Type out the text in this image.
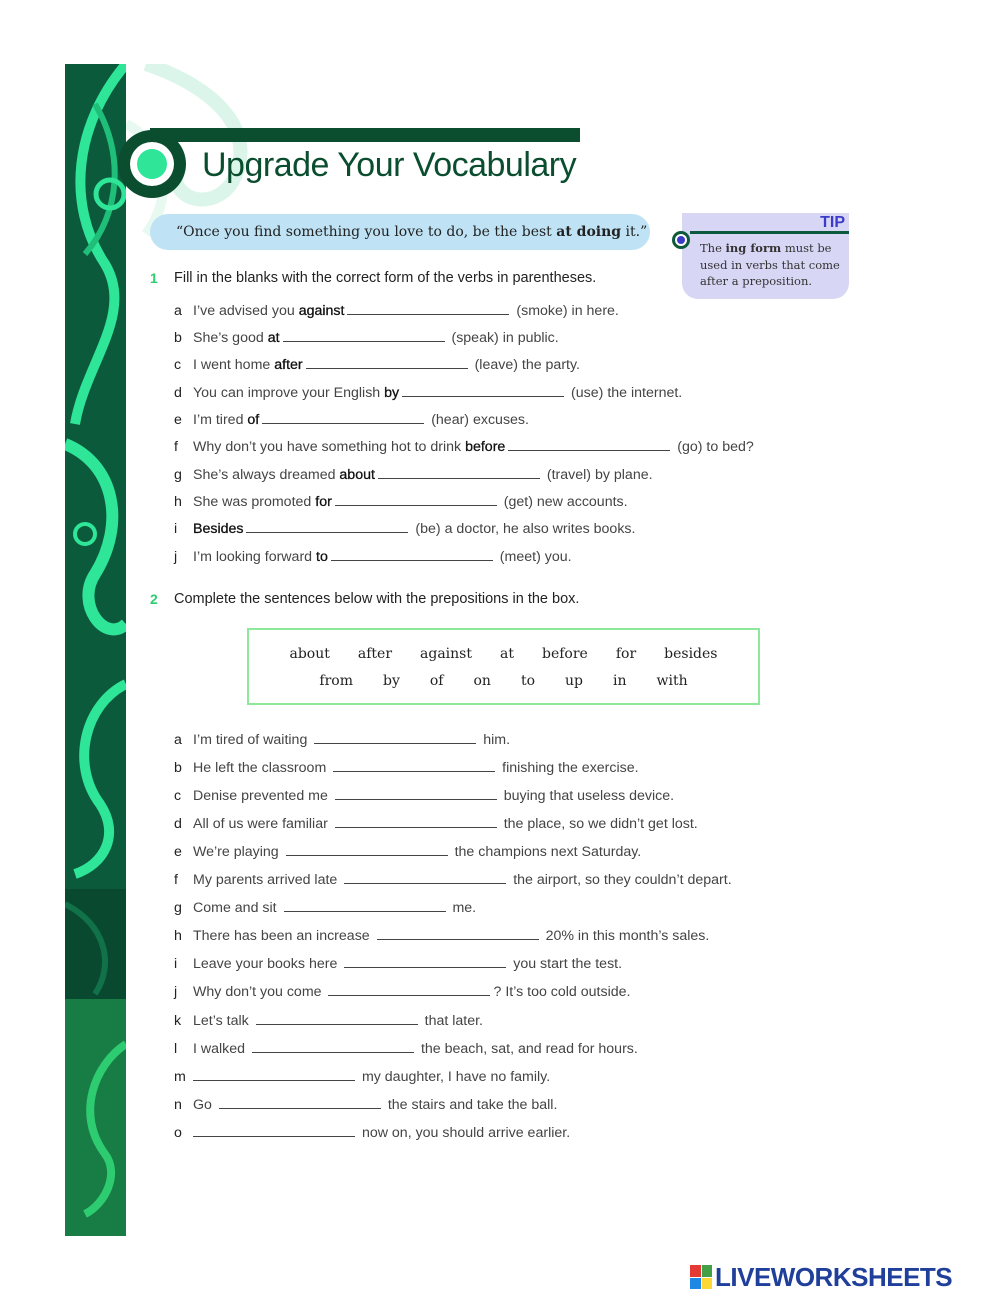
Upgrade Your Vocabulary
“Once you find something you love to do, be the best at doing it.”
TIP
The ing form must be used in verbs that come after a preposition.
1 Fill in the blanks with the correct form of the verbs in parentheses.
a I’ve advised you against	(smoke) in here.
b She’s good at	(speak) in public.
c I went home after	(leave) the party.
d You can improve your English by	(use) the internet.
e I’m tired of	(hear) excuses.
f Why don’t you have something hot to drink before	(go) to bed?
g She’s always dreamed about	(travel) by plane.
h She was promoted for	(get) new accounts.
i Besides	(be) a doctor, he also writes books.
j I’m looking forward to	(meet) you.
2 Complete the sentences below with the prepositions in the box.
about after against at before for besides
from by of on to up in with
a I’m tired of waiting	him.
b He left the classroom	finishing the exercise.
c Denise prevented me	buying that useless device.
d All of us were familiar	the place, so we didn’t get lost.
e We’re playing	the champions next Saturday.
f My parents arrived late	the airport, so they couldn’t depart.
g Come and sit	me.
h There has been an increase	20% in this month’s sales.
i Leave your books here	you start the test.
j Why don’t you come	? It’s too cold outside.
k Let’s talk	that later.
l I walked	the beach, sat, and read for hours.
m	my daughter, I have no family.
n Go	the stairs and take the ball.
o	now on, you should arrive earlier.
LIVEWORKSHEETS
